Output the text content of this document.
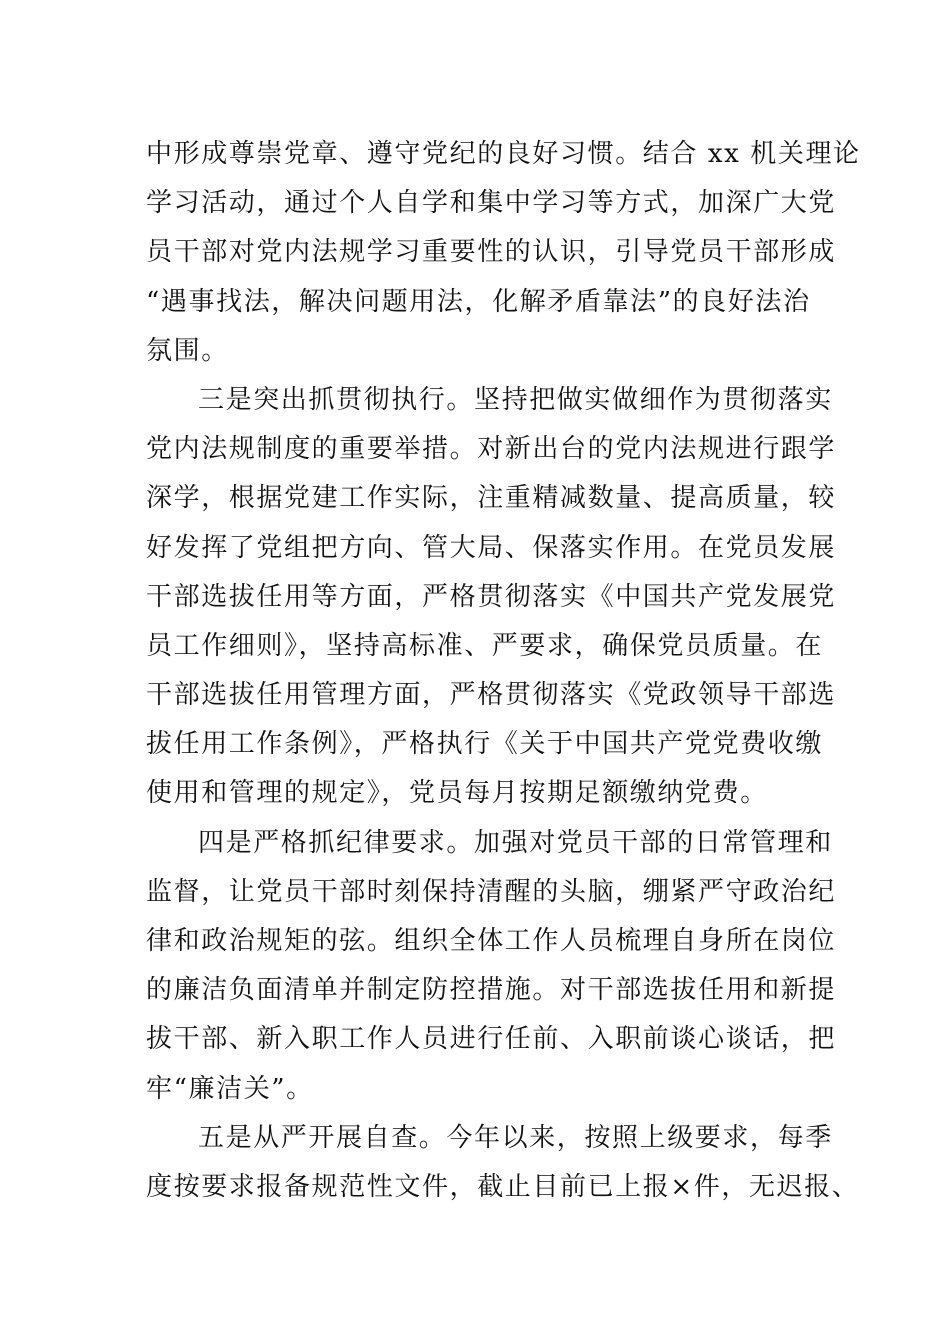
中形成尊崇党章、遵守党纪的良好习惯。结合 xx 机关理论
学习活动，通过个人自学和集中学习等方式，加深广大党
员干部对党内法规学习重要性的认识，引导党员干部形成
“遇事找法，解决问题用法，化解矛盾靠法”的良好法治
氛围。
三是突出抓贯彻执行。坚持把做实做细作为贯彻落实
党内法规制度的重要举措。对新出台的党内法规进行跟学
深学，根据党建工作实际，注重精减数量、提高质量，较
好发挥了党组把方向、管大局、保落实作用。在党员发展
干部选拔任用等方面，严格贯彻落实《中国共产党发展党
员工作细则》，坚持高标准、严要求，确保党员质量。在
干部选拔任用管理方面，严格贯彻落实《党政领导干部选
拔任用工作条例》，严格执行《关于中国共产党党费收缴
使用和管理的规定》，党员每月按期足额缴纳党费。
四是严格抓纪律要求。加强对党员干部的日常管理和
监督，让党员干部时刻保持清醒的头脑，绷紧严守政治纪
律和政治规矩的弦。组织全体工作人员梳理自身所在岗位
的廉洁负面清单并制定防控措施。对干部选拔任用和新提
拔干部、新入职工作人员进行任前、入职前谈心谈话，把
牢“廉洁关”。
五是从严开展自查。今年以来，按照上级要求，每季
度按要求报备规范性文件，截止目前已上报×件，无迟报、
